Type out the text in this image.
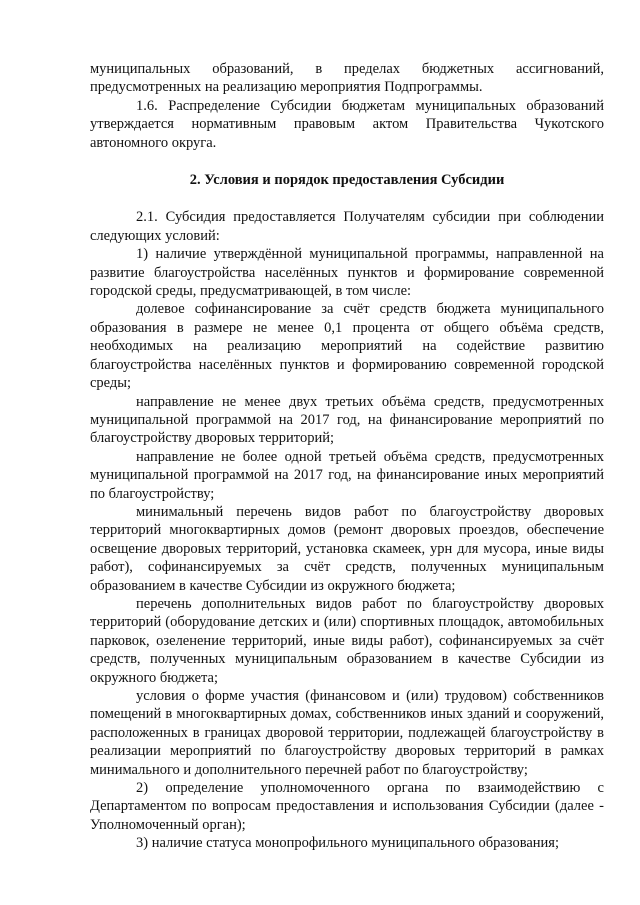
муниципальных образований, в пределах бюджетных ассигнований, предусмотренных на реализацию мероприятия Подпрограммы.

1.6. Распределение Субсидии бюджетам муниципальных образований утверждается нормативным правовым актом Правительства Чукотского автономного округа.

2. Условия и порядок предоставления Субсидии

2.1. Субсидия предоставляется Получателям субсидии при соблюдении следующих условий:

1) наличие утверждённой муниципальной программы, направленной на развитие благоустройства населённых пунктов и формирование современной городской среды, предусматривающей, в том числе:

долевое софинансирование за счёт средств бюджета муниципального образования в размере не менее 0,1 процента от общего объёма средств, необходимых на реализацию мероприятий на содействие развитию благоустройства населённых пунктов и формированию современной городской среды;

направление не менее двух третьих объёма средств, предусмотренных муниципальной программой на 2017 год, на финансирование мероприятий по благоустройству дворовых территорий;

направление не более одной третьей объёма средств, предусмотренных муниципальной программой на 2017 год, на финансирование иных мероприятий по благоустройству;

минимальный перечень видов работ по благоустройству дворовых территорий многоквартирных домов (ремонт дворовых проездов, обеспечение освещение дворовых территорий, установка скамеек, урн для мусора, иные виды работ), софинансируемых за счёт средств, полученных муниципальным образованием в качестве Субсидии из окружного бюджета;

перечень дополнительных видов работ по благоустройству дворовых территорий (оборудование детских и (или) спортивных площадок, автомобильных парковок, озеленение территорий, иные виды работ), софинансируемых за счёт средств, полученных муниципальным образованием в качестве Субсидии из окружного бюджета;

условия о форме участия (финансовом и (или) трудовом) собственников помещений в многоквартирных домах, собственников иных зданий и сооружений, расположенных в границах дворовой территории, подлежащей благоустройству в реализации мероприятий по благоустройству дворовых территорий в рамках минимального и дополнительного перечней работ по благоустройству;

2) определение уполномоченного органа по взаимодействию с Департаментом по вопросам предоставления и использования Субсидии (далее - Уполномоченный орган);

3) наличие статуса монопрофильного муниципального образования;
